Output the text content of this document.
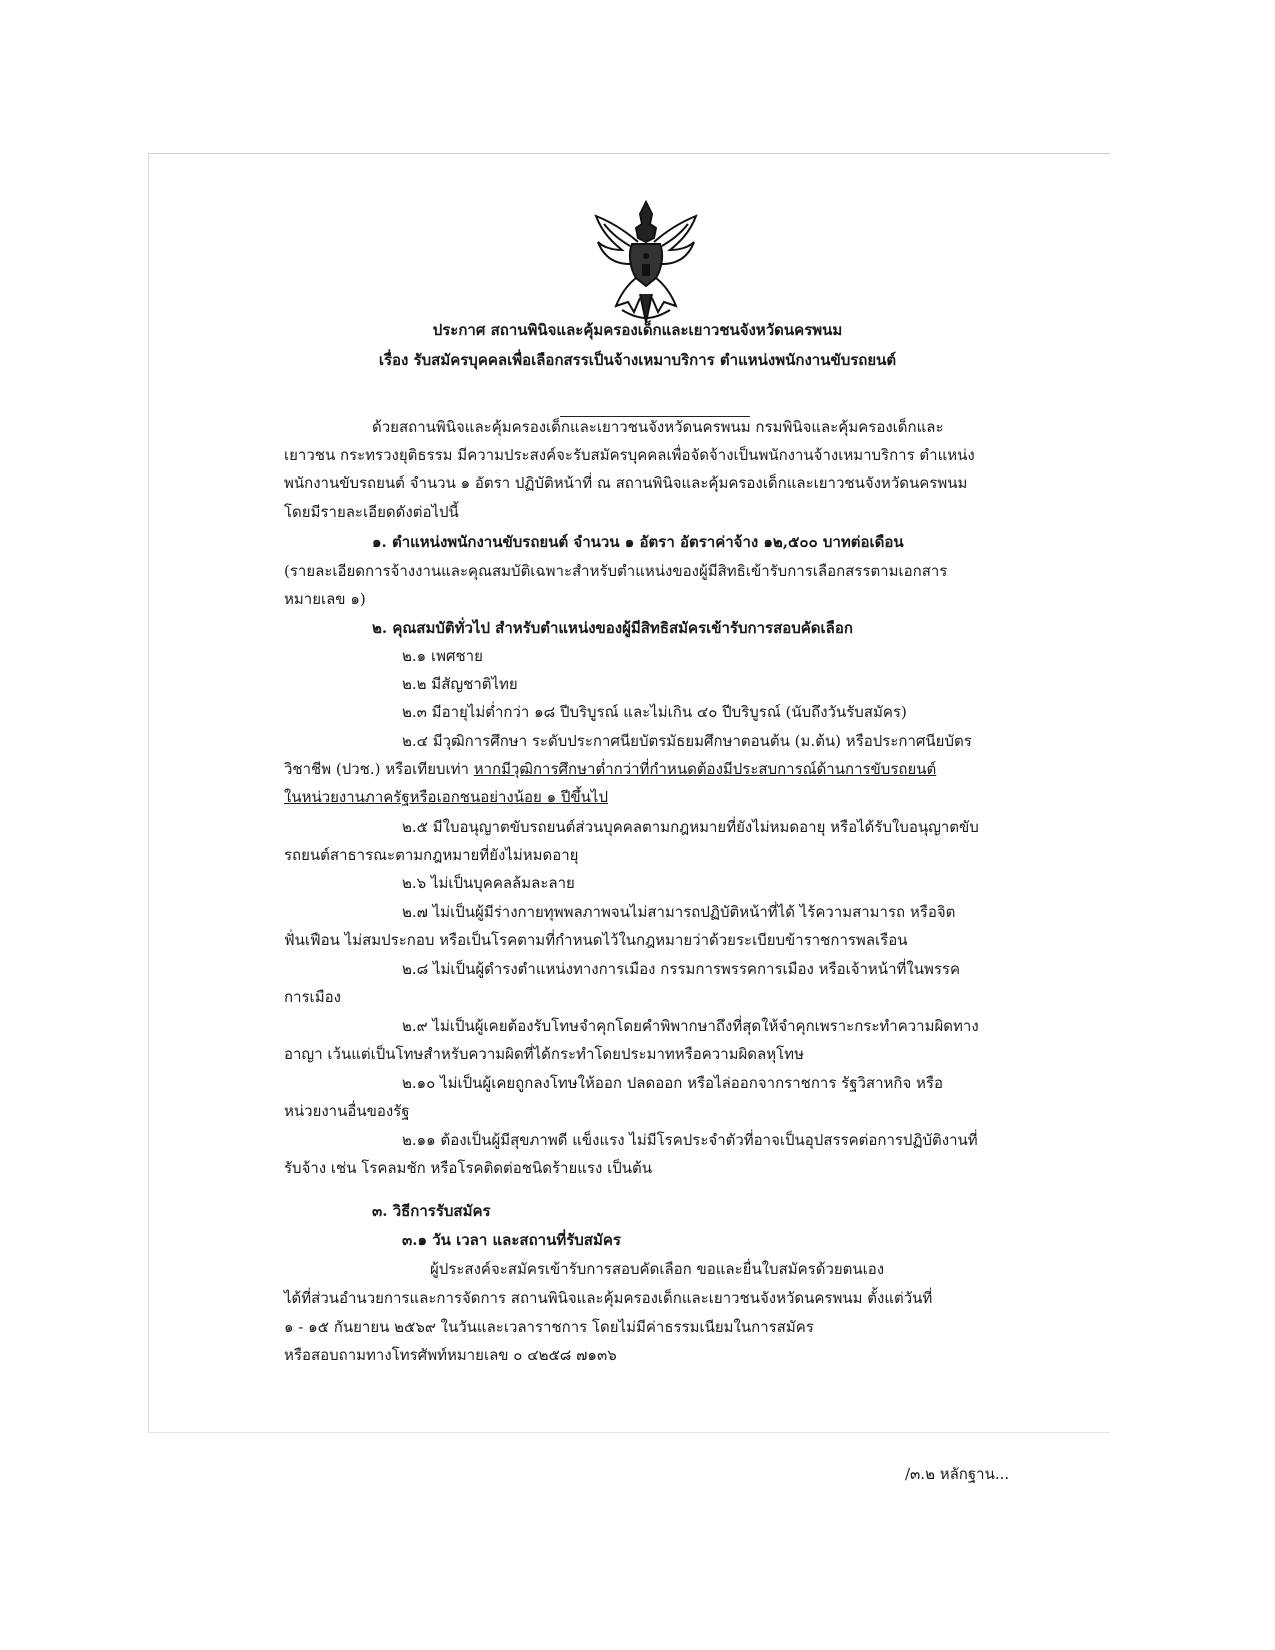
ประกาศ สถานพินิจและคุ้มครองเด็กและเยาวชนจังหวัดนครพนม
เรื่อง รับสมัครบุคคลเพื่อเลือกสรรเป็นจ้างเหมาบริการ ตำแหน่งพนักงานขับรถยนต์
ด้วยสถานพินิจและคุ้มครองเด็กและเยาวชนจังหวัดนครพนม กรมพินิจและคุ้มครองเด็กและ
เยาวชน กระทรวงยุติธรรม มีความประสงค์จะรับสมัครบุคคลเพื่อจัดจ้างเป็นพนักงานจ้างเหมาบริการ ตำแหน่ง
พนักงานขับรถยนต์ จำนวน ๑ อัตรา ปฏิบัติหน้าที่ ณ สถานพินิจและคุ้มครองเด็กและเยาวชนจังหวัดนครพนม
โดยมีรายละเอียดดังต่อไปนี้
๑. ตำแหน่งพนักงานขับรถยนต์ จำนวน ๑ อัตรา อัตราค่าจ้าง ๑๒,๕๐๐ บาทต่อเดือน
(รายละเอียดการจ้างงานและคุณสมบัติเฉพาะสำหรับตำแหน่งของผู้มีสิทธิเข้ารับการเลือกสรรตามเอกสาร
หมายเลข ๑)
๒. คุณสมบัติทั่วไป สำหรับตำแหน่งของผู้มีสิทธิสมัครเข้ารับการสอบคัดเลือก
๒.๑ เพศชาย
๒.๒ มีสัญชาติไทย
๒.๓ มีอายุไม่ต่ำกว่า ๑๘ ปีบริบูรณ์ และไม่เกิน ๔๐ ปีบริบูรณ์ (นับถึงวันรับสมัคร)
๒.๔ มีวุฒิการศึกษา ระดับประกาศนียบัตรมัธยมศึกษาตอนต้น (ม.ต้น) หรือประกาศนียบัตร
วิชาชีพ (ปวช.) หรือเทียบเท่า หากมีวุฒิการศึกษาต่ำกว่าที่กำหนดต้องมีประสบการณ์ด้านการขับรถยนต์
ในหน่วยงานภาครัฐหรือเอกชนอย่างน้อย ๑ ปีขึ้นไป
๒.๕ มีใบอนุญาตขับรถยนต์ส่วนบุคคลตามกฎหมายที่ยังไม่หมดอายุ หรือได้รับใบอนุญาตขับ
รถยนต์สาธารณะตามกฎหมายที่ยังไม่หมดอายุ
๒.๖ ไม่เป็นบุคคลล้มละลาย
๒.๗ ไม่เป็นผู้มีร่างกายทุพพลภาพจนไม่สามารถปฏิบัติหน้าที่ได้ ไร้ความสามารถ หรือจิต
ฟั่นเฟือน ไม่สมประกอบ หรือเป็นโรคตามที่กำหนดไว้ในกฎหมายว่าด้วยระเบียบข้าราชการพลเรือน
๒.๘ ไม่เป็นผู้ดำรงตำแหน่งทางการเมือง กรรมการพรรคการเมือง หรือเจ้าหน้าที่ในพรรค
การเมือง
๒.๙ ไม่เป็นผู้เคยต้องรับโทษจำคุกโดยคำพิพากษาถึงที่สุดให้จำคุกเพราะกระทำความผิดทาง
อาญา เว้นแต่เป็นโทษสำหรับความผิดที่ได้กระทำโดยประมาทหรือความผิดลหุโทษ
๒.๑๐ ไม่เป็นผู้เคยถูกลงโทษให้ออก ปลดออก หรือไล่ออกจากราชการ รัฐวิสาหกิจ หรือ
หน่วยงานอื่นของรัฐ
๒.๑๑ ต้องเป็นผู้มีสุขภาพดี แข็งแรง ไม่มีโรคประจำตัวที่อาจเป็นอุปสรรคต่อการปฏิบัติงานที่
รับจ้าง เช่น โรคลมชัก หรือโรคติดต่อชนิดร้ายแรง เป็นต้น
๓. วิธีการรับสมัคร
๓.๑ วัน เวลา และสถานที่รับสมัคร
ผู้ประสงค์จะสมัครเข้ารับการสอบคัดเลือก ขอและยื่นใบสมัครด้วยตนเอง
ได้ที่ส่วนอำนวยการและการจัดการ สถานพินิจและคุ้มครองเด็กและเยาวชนจังหวัดนครพนม ตั้งแต่วันที่
๑ - ๑๕ กันยายน ๒๕๖๙ ในวันและเวลาราชการ โดยไม่มีค่าธรรมเนียมในการสมัคร
หรือสอบถามทางโทรศัพท์หมายเลข ๐ ๔๒๕๘ ๗๑๓๖
/๓.๒ หลักฐาน...
